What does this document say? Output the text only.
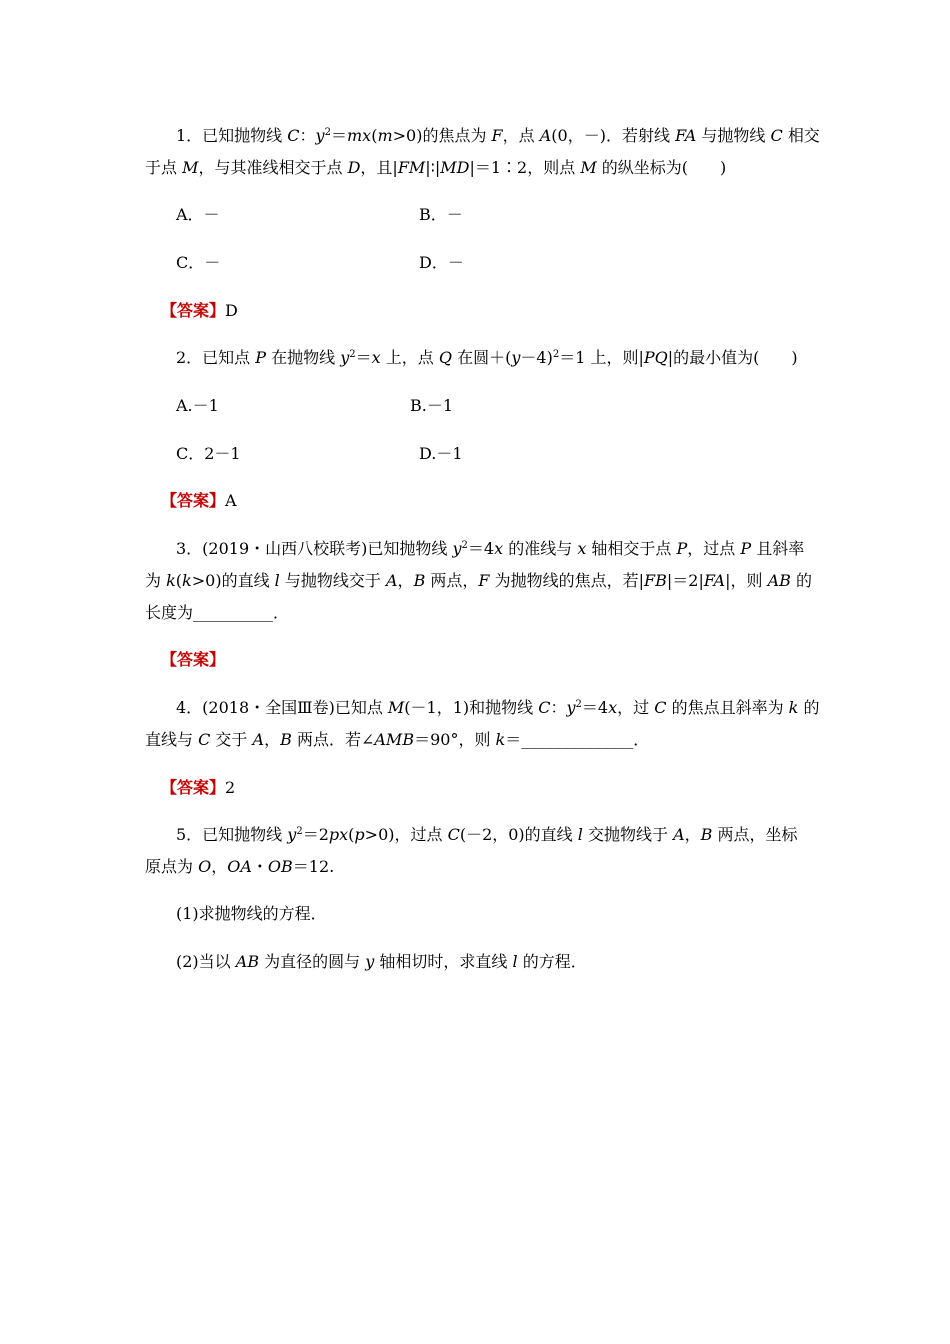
1．已知抛物线 C：$y^2=mx(m>0)$的焦点为 F，点 A(0，－)．若射线 FA 与抛物线 C 相交
于点 M，与其准线相交于点 D，且|FM|∶|MD|＝1∶2，则点 M 的纵坐标为(　　)
A．－	B．－
C．－	D．－
【答案】D
2．已知点 P 在抛物线 $y^2=x$ 上，点 Q 在圆$+(y-4)^2=1$ 上，则|PQ|的最小值为(　　)
A.－1	B.－1
C．2－1	D.－1
【答案】A
3．(2019・山西八校联考)已知抛物线 $y^2=4x$ 的准线与 x 轴相交于点 P，过点 P 且斜率
为 k(k>0)的直线 l 与抛物线交于 A，B 两点，F 为抛物线的焦点，若|FB|＝2|FA|，则 AB 的
长度为__________．
【答案】
4．(2018・全国Ⅲ卷)已知点 M(－1，1)和抛物线 C：$y^2=4x$，过 C 的焦点且斜率为 k 的
直线与 C 交于 A，B 两点．若∠AMB＝90°，则 k＝______________．
【答案】2
5．已知抛物线 $y^2=2px(p>0)$，过点 C(－2，0)的直线 l 交抛物线于 A，B 两点，坐标
原点为 O，OA・OB＝12.
(1)求抛物线的方程．
(2)当以 AB 为直径的圆与 y 轴相切时，求直线 l 的方程．
